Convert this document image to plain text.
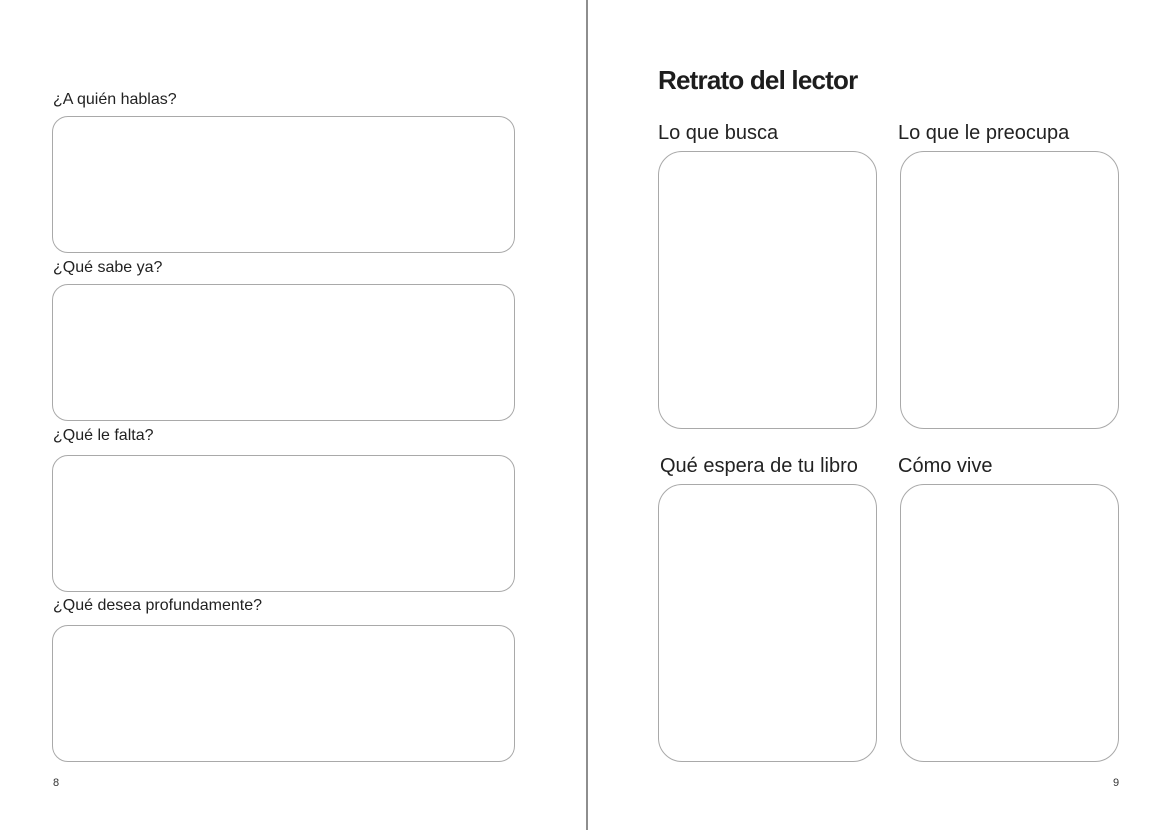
¿A quién hablas?
¿Qué sabe ya?
¿Qué le falta?
¿Qué desea profundamente?
8
Retrato del lector
Lo que busca	Lo que le preocupa
Qué espera de tu libro Cómo vive
9
